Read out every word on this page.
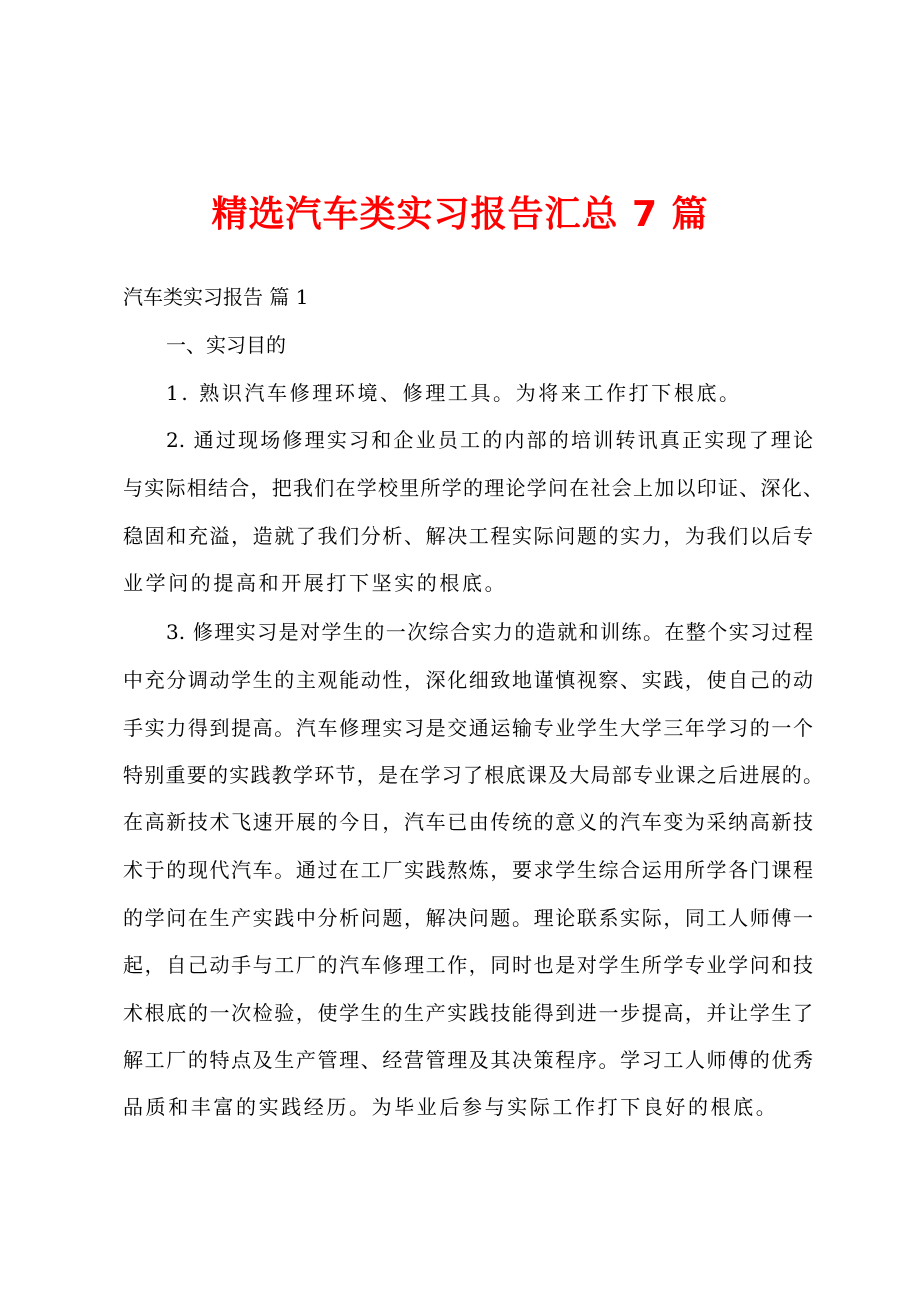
精选汽车类实习报告汇总 7 篇
汽车类实习报告 篇 1
一、实习目的
1. 熟识汽车修理环境、修理工具。为将来工作打下根底。
2. 通过现场修理实习和企业员工的内部的培训转讯真正实现了理论
与实际相结合，把我们在学校里所学的理论学问在社会上加以印证、深化、
稳固和充溢，造就了我们分析、解决工程实际问题的实力，为我们以后专
业学问的提高和开展打下坚实的根底。
3. 修理实习是对学生的一次综合实力的造就和训练。在整个实习过程
中充分调动学生的主观能动性，深化细致地谨慎视察、实践，使自己的动
手实力得到提高。汽车修理实习是交通运输专业学生大学三年学习的一个
特别重要的实践教学环节，是在学习了根底课及大局部专业课之后进展的。
在高新技术飞速开展的今日，汽车已由传统的意义的汽车变为采纳高新技
术于的现代汽车。通过在工厂实践熬炼，要求学生综合运用所学各门课程
的学问在生产实践中分析问题，解决问题。理论联系实际，同工人师傅一
起，自己动手与工厂的汽车修理工作，同时也是对学生所学专业学问和技
术根底的一次检验，使学生的生产实践技能得到进一步提高，并让学生了
解工厂的特点及生产管理、经营管理及其决策程序。学习工人师傅的优秀
品质和丰富的实践经历。为毕业后参与实际工作打下良好的根底。
